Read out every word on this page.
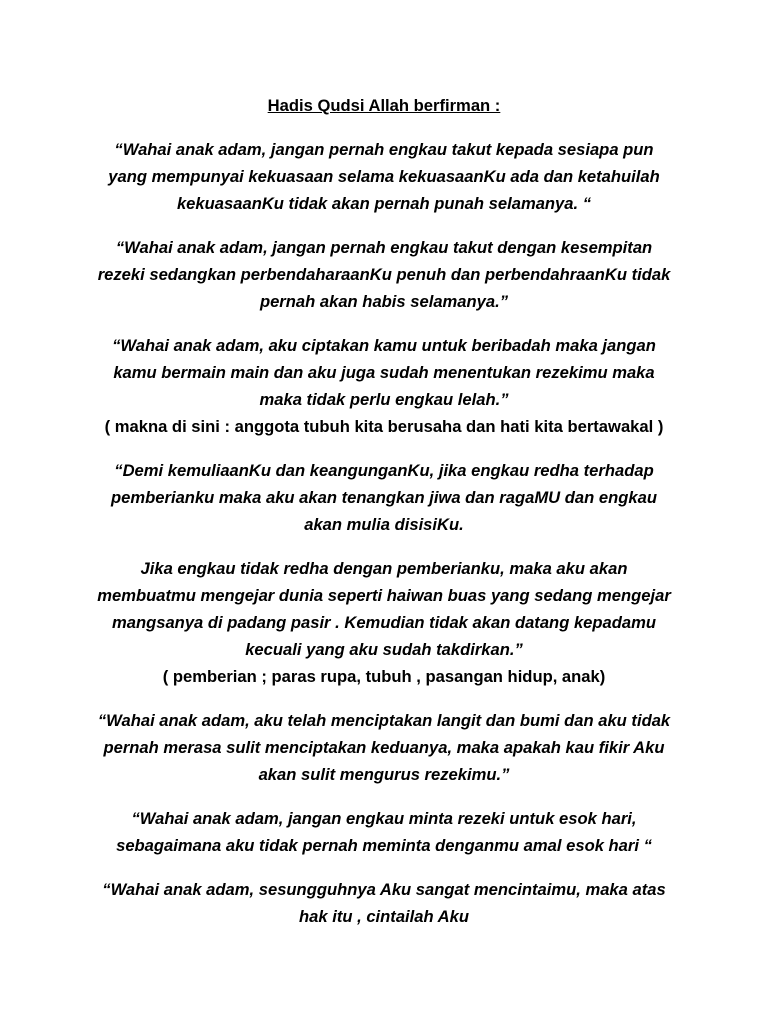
Hadis Qudsi Allah berfirman :
“Wahai anak adam, jangan pernah engkau takut kepada sesiapa pun
yang mempunyai kekuasaan selama kekuasaanKu ada dan ketahuilah
kekuasaanKu tidak akan pernah punah selamanya. “
“Wahai anak adam, jangan pernah engkau takut dengan kesempitan
rezeki sedangkan perbendaharaanKu penuh dan perbendahraanKu tidak
pernah akan habis selamanya.”
“Wahai anak adam, aku ciptakan kamu untuk beribadah maka jangan
kamu bermain main dan aku juga sudah menentukan rezekimu maka
maka tidak perlu engkau lelah.”
( makna di sini : anggota tubuh kita berusaha dan hati kita bertawakal )
“Demi kemuliaanKu dan keangunganKu, jika engkau redha terhadap
pemberianku maka aku akan tenangkan jiwa dan ragaMU dan engkau
akan mulia disisiKu.
Jika engkau tidak redha dengan pemberianku, maka aku akan
membuatmu mengejar dunia seperti haiwan buas yang sedang mengejar
mangsanya di padang pasir . Kemudian tidak akan datang kepadamu
kecuali yang aku sudah takdirkan.”
( pemberian ; paras rupa, tubuh , pasangan hidup, anak)
“Wahai anak adam, aku telah menciptakan langit dan bumi dan aku tidak
pernah merasa sulit menciptakan keduanya, maka apakah kau fikir Aku
akan sulit mengurus rezekimu.”
“Wahai anak adam, jangan engkau minta rezeki untuk esok hari,
sebagaimana aku tidak pernah meminta denganmu amal esok hari “
“Wahai anak adam, sesungguhnya Aku sangat mencintaimu, maka atas
hak itu , cintailah Aku
